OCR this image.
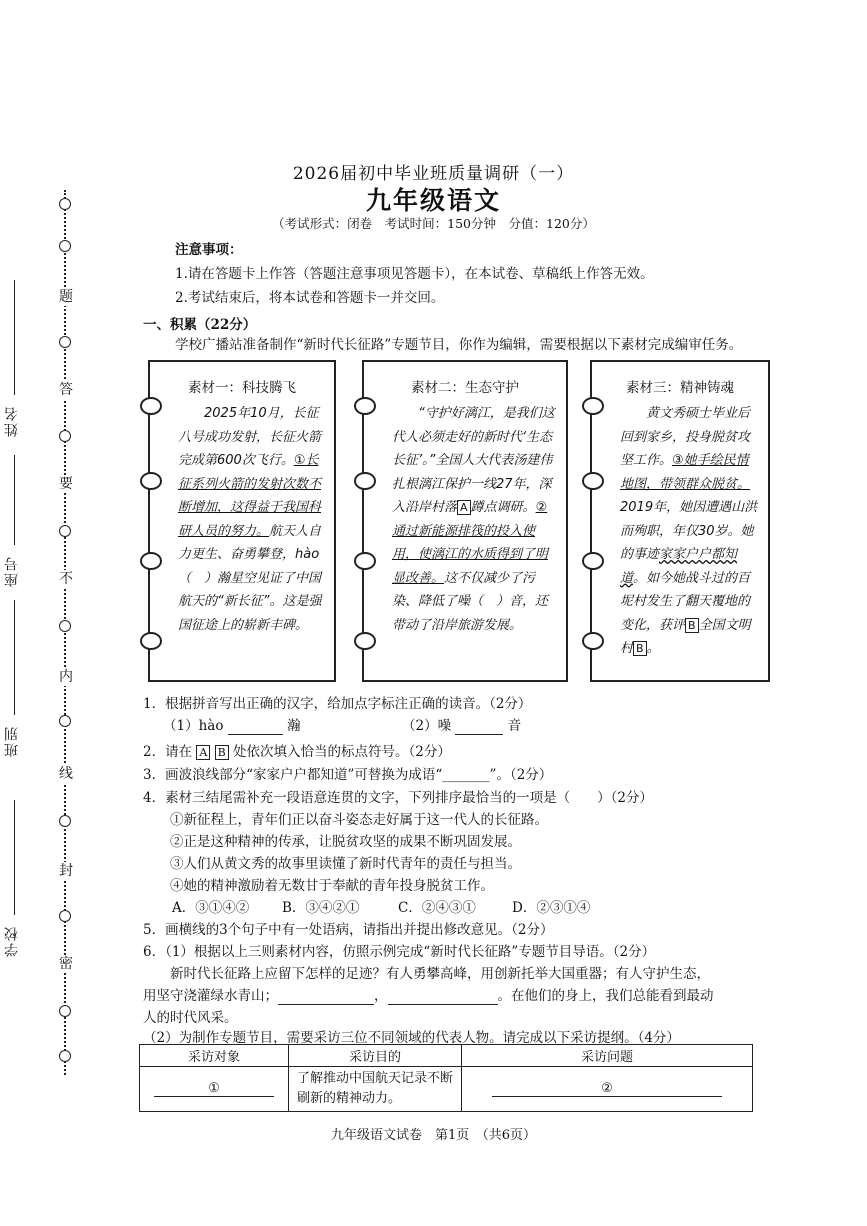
题
答
要
不
内
线
封
密
姓名
座号
班别
学校
2026届初中毕业班质量调研（一）
九年级语文
（考试形式：闭卷　考试时间：150分钟　分值：120分）
注意事项：
1.请在答题卡上作答（答题注意事项见答题卡），在本试卷、草稿纸上作答无效。
2.考试结束后，将本试卷和答题卡一并交回。
一、积累（22分）
学校广播站准备制作“新时代长征路”专题节目，你作为编辑，需要根据以下素材完成编审任务。
素材一：科技腾飞
　　2025年10月，长征八号成功发射，长征火箭完成第600次飞行。①长征系列火箭的发射次数不断增加，这得益于我国科研人员的努力。航天人自力更生、奋勇攀登，hào（　）瀚星空见证了中国航天的“新长征”。这是强国征途上的崭新丰碑。
素材二：生态守护
　　“守护好漓江，是我们这代人必须走好的新时代‘生态长征’。”全国人大代表汤建伟扎根漓江保护一线27年，深入沿岸村落 A 蹲点调研。②通过新能源排筏的投入使用，使漓江的水质得到了明显改善。这不仅减少了污染、降低了噪（　）音，还带动了沿岸旅游发展。
素材三：精神铸魂
　　黄文秀硕士毕业后回到家乡，投身脱贫攻坚工作。③她手绘民情地图，带领群众脱贫。2019年，她因遭遇山洪而殉职，年仅30岁。她的事迹家家户户都知道。如今她战斗过的百坭村发生了翻天覆地的变化，获评 B 全国文明村 B 。
1．根据拼音写出正确的汉字，给加点字标注正确的读音。（2分）
（1）hào	瀚	（2）噪	音
2．请在 A B 处依次填入恰当的标点符号。（2分）
3．画波浪线部分“家家户户都知道”可替换为成语“_______”。（2分）
4．素材三结尾需补充一段语意连贯的文字，下列排序最恰当的一项是（　　）（2分）
①新征程上，青年们正以奋斗姿态走好属于这一代人的长征路。
②正是这种精神的传承，让脱贫攻坚的成果不断巩固发展。
③人们从黄文秀的故事里读懂了新时代青年的责任与担当。
④她的精神激励着无数甘于奉献的青年投身脱贫工作。
A．③①④② B．③④②①	C．②④③①	D．②③①④
5．画横线的3个句子中有一处语病，请指出并提出修改意见。（2分）
6．（1）根据以上三则素材内容，仿照示例完成“新时代长征路”专题节目导语。（2分）
　　新时代长征路上应留下怎样的足迹？有人勇攀高峰，用创新托举大国重器；有人守护生态，
用坚守浇灌绿水青山；	，	。在他们的身上，我们总能看到最动
人的时代风采。
（2）为制作专题节目，需要采访三位不同领域的代表人物。请完成以下采访提纲。（4分）
采访对象	采访目的	采访问题
①	了解推动中国航天记录不断刷新的精神动力。	②
九年级语文试卷　第1页　（共6页）
